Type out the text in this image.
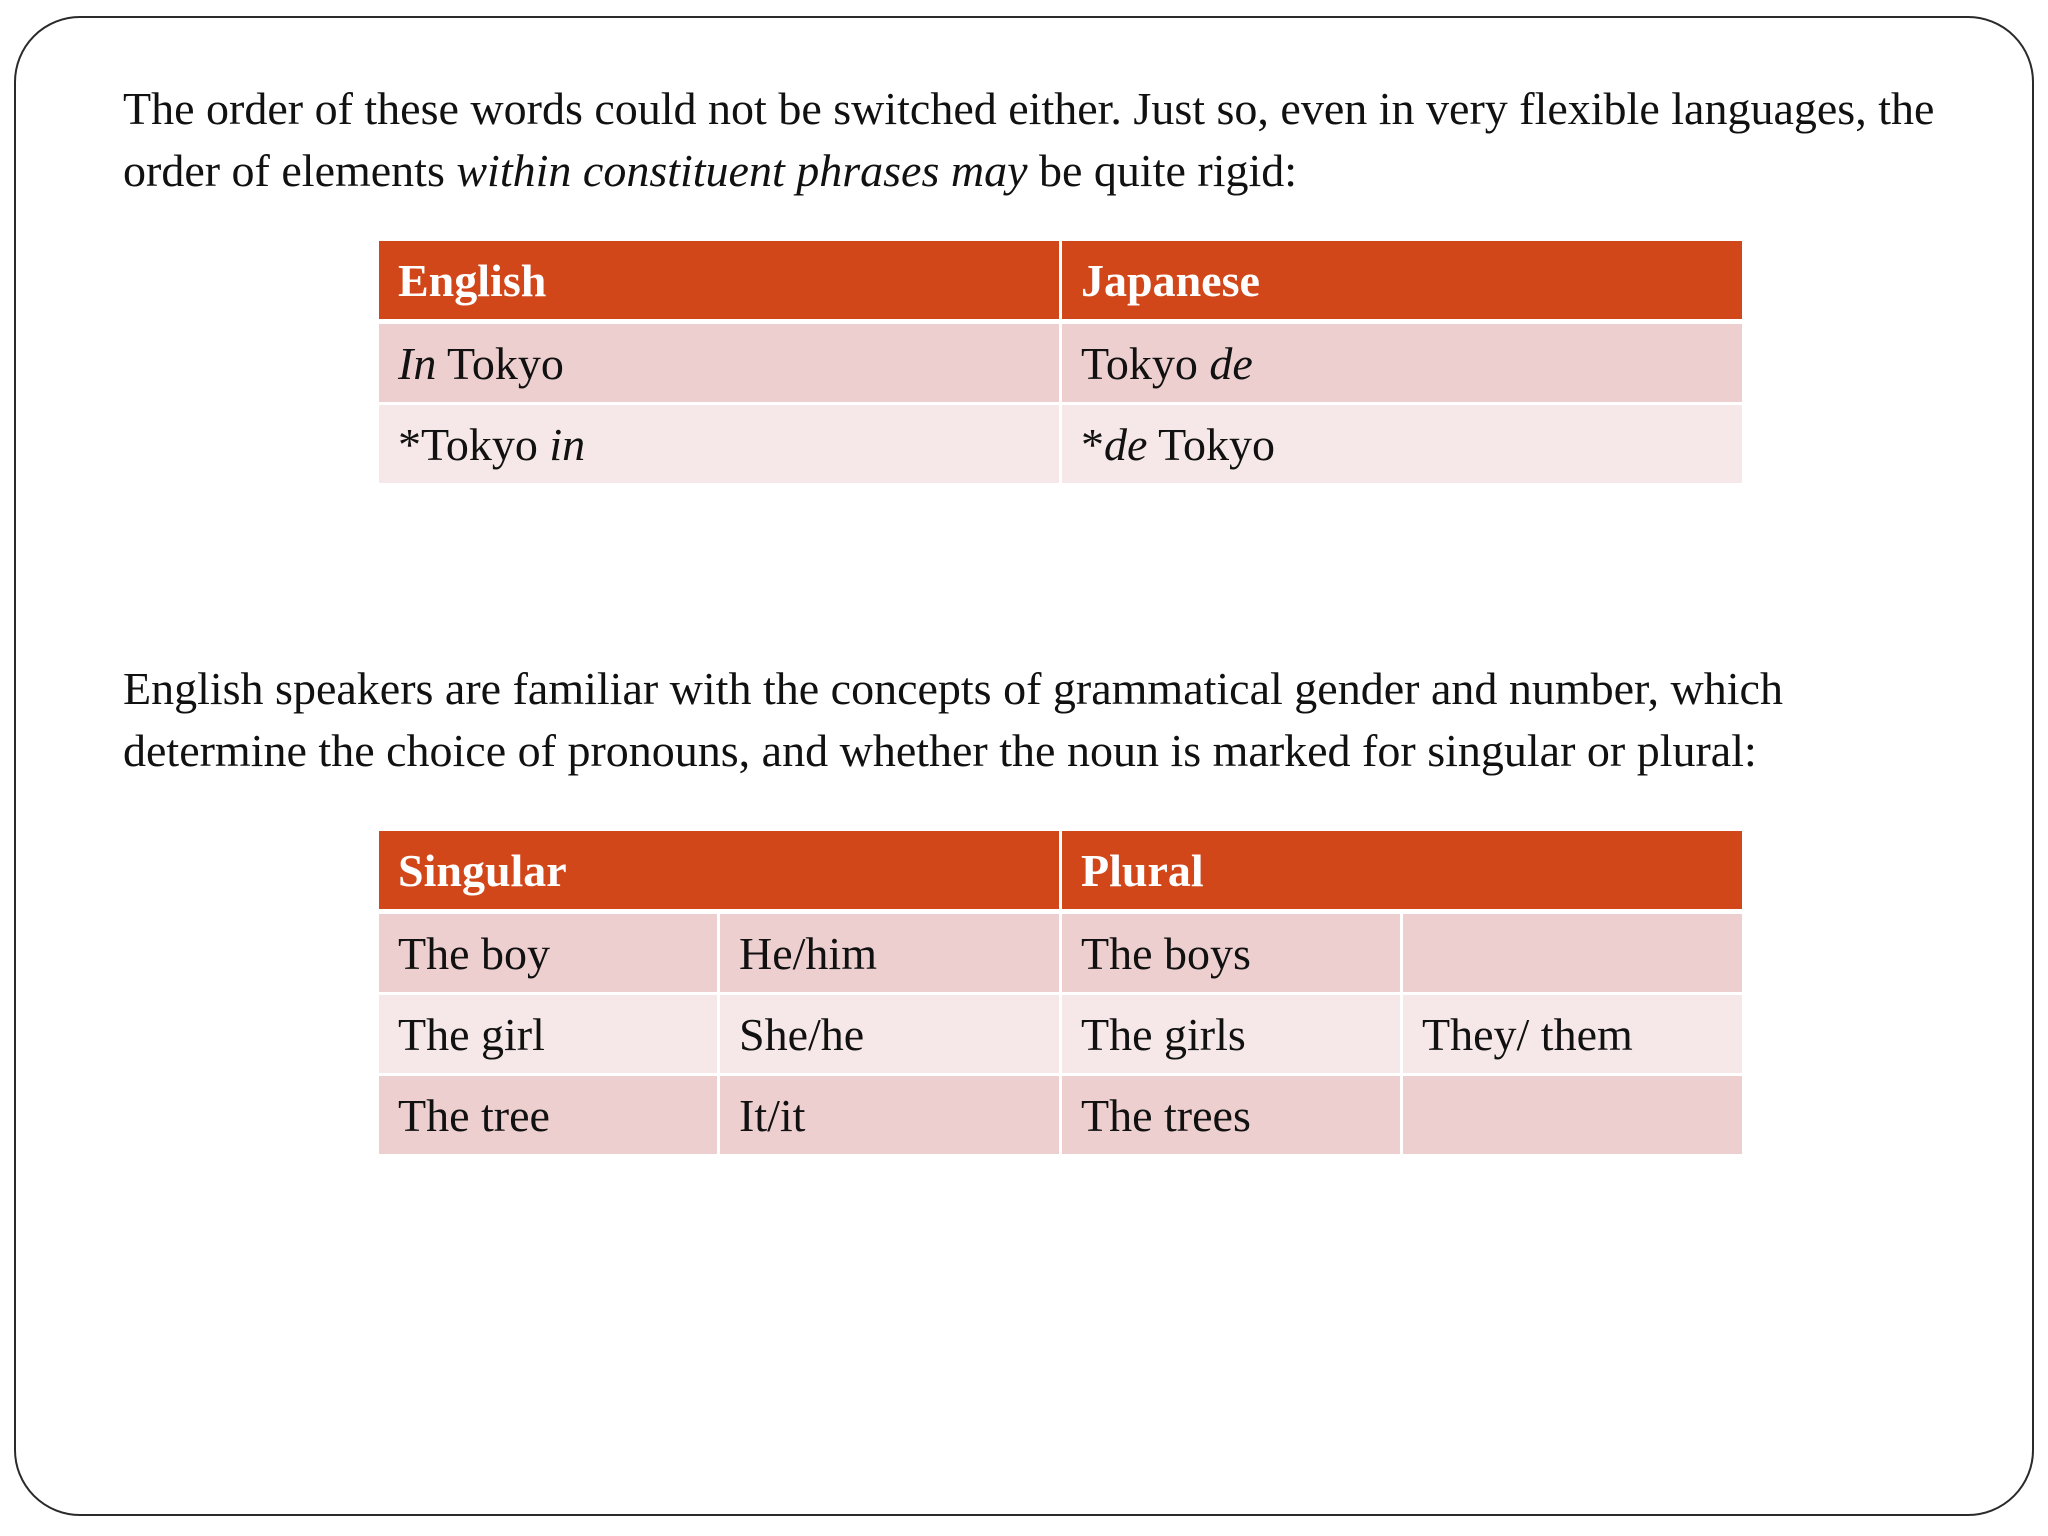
The order of these words could not be switched either. Just so, even in very flexible languages, the order of elements within constituent phrases may be quite rigid:

English	Japanese
In Tokyo	Tokyo de
*Tokyo in	*de Tokyo

English speakers are familiar with the concepts of grammatical gender and number, which determine the choice of pronouns, and whether the noun is marked for singular or plural:

Singular		Plural	
The boy	He/him	The boys	
The girl	She/he	The girls	They/ them
The tree	It/it	The trees	
